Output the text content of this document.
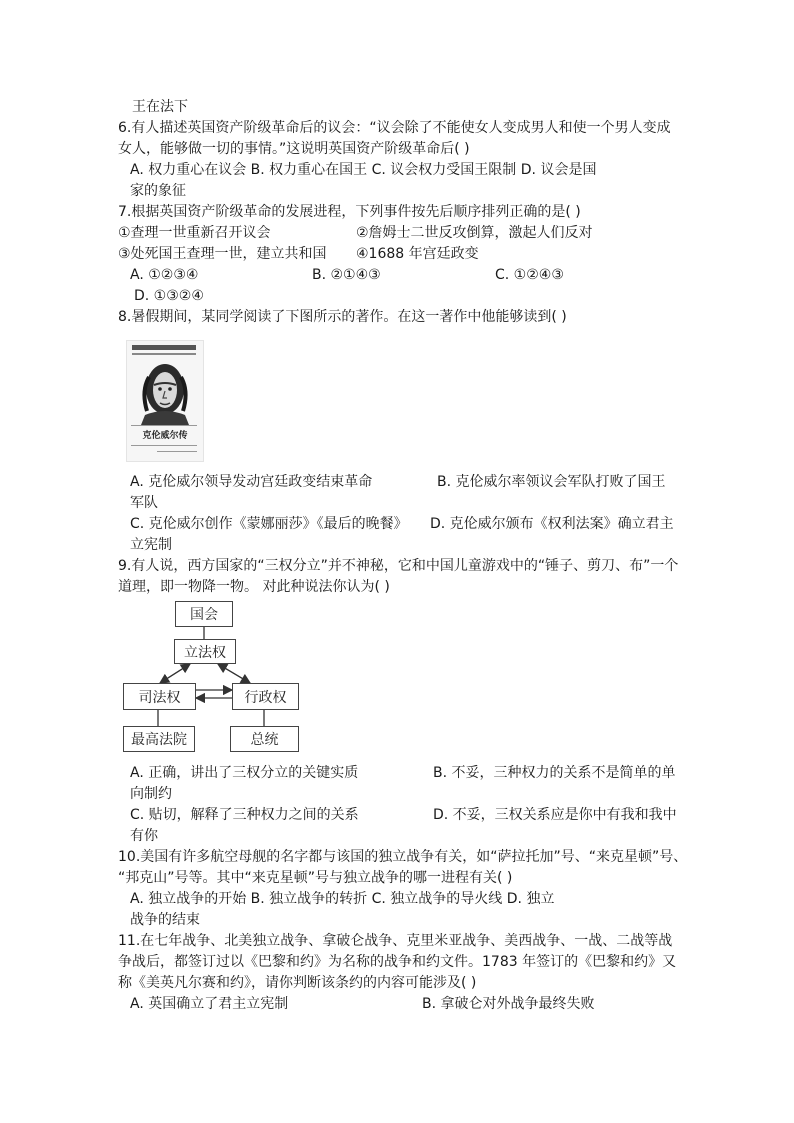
王在法下
6.有人描述英国资产阶级革命后的议会：“议会除了不能使女人变成男人和使一个男人变成
女人，能够做一切的事情。”这说明英国资产阶级革命后( )
A. 权力重心在议会 B. 权力重心在国王 C. 议会权力受国王限制 D. 议会是国
家的象征
7.根据英国资产阶级革命的发展进程，下列事件按先后顺序排列正确的是( )
①查理一世重新召开议会	②詹姆士二世反攻倒算，激起人们反对
③处死国王查理一世，建立共和国 ④1688 年宫廷政变
A. ①②③④	B. ②①④③	C. ①②④③
D. ①③②④
8.暑假期间，某同学阅读了下图所示的著作。在这一著作中他能够读到( )
克伦威尔传
A. 克伦威尔领导发动宫廷政变结束革命	B. 克伦威尔率领议会军队打败了国王
军队
C. 克伦威尔创作《蒙娜丽莎》《最后的晚餐》 D. 克伦威尔颁布《权利法案》确立君主
立宪制
9.有人说，西方国家的“三权分立”并不神秘，它和中国儿童游戏中的“锤子、剪刀、布”一个
道理，即一物降一物。 对此种说法你认为( )
国会
立法权
司法权	行政权
最高法院	总统
A. 正确，讲出了三权分立的关键实质	B. 不妥，三种权力的关系不是简单的单
向制约
C. 贴切，解释了三种权力之间的关系	D. 不妥，三权关系应是你中有我和我中
有你
10.美国有许多航空母舰的名字都与该国的独立战争有关，如“萨拉托加”号、“来克星顿”号、
“邦克山”号等。其中“来克星顿”号与独立战争的哪一进程有关( )
A. 独立战争的开始 B. 独立战争的转折 C. 独立战争的导火线 D. 独立
战争的结束
11.在七年战争、北美独立战争、拿破仑战争、克里米亚战争、美西战争、一战、二战等战
争战后，都签订过以《巴黎和约》为名称的战争和约文件。1783 年签订的《巴黎和约》又
称《美英凡尔赛和约》，请你判断该条约的内容可能涉及( )
A. 英国确立了君主立宪制	B. 拿破仑对外战争最终失败
